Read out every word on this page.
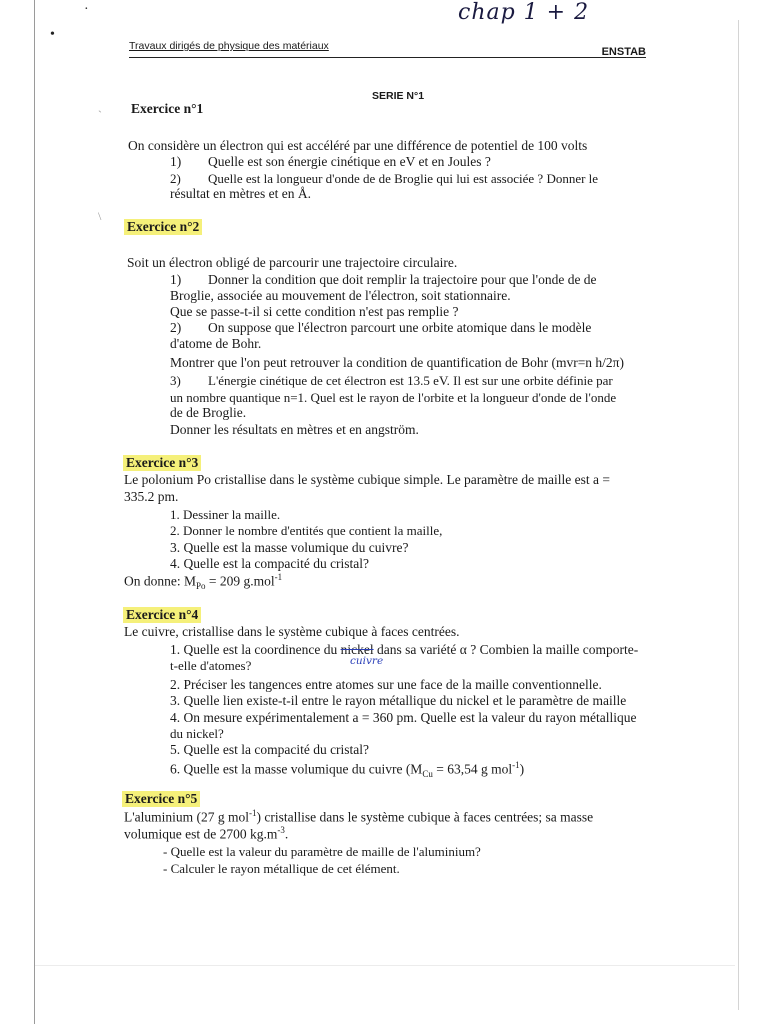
·
•
chap 1 + 2
Travaux dirigés de physique des matériaux	ENSTAB
SERIE N°1
Exercice n°1
ˋ
On considère un électron qui est accéléré par une différence de potentiel de 100 volts
1) Quelle est son énergie cinétique en eV et en Joules ?
2) Quelle est la longueur d'onde de de Broglie qui lui est associée ? Donner le
résultat en mètres et en Å.
\
Exercice n°2
Soit un électron obligé de parcourir une trajectoire circulaire.
1) Donner la condition que doit remplir la trajectoire pour que l'onde de de
Broglie, associée au mouvement de l'électron, soit stationnaire.
Que se passe-t-il si cette condition n'est pas remplie ?
2) On suppose que l'électron parcourt une orbite atomique dans le modèle
d'atome de Bohr.
Montrer que l'on peut retrouver la condition de quantification de Bohr (mvr=n h/2π)
3) L'énergie cinétique de cet électron est 13.5 eV. Il est sur une orbite définie par
un nombre quantique n=1. Quel est le rayon de l'orbite et la longueur d'onde de l'onde
de de Broglie.
Donner les résultats en mètres et en angström.
Exercice n°3
Le polonium Po cristallise dans le système cubique simple. Le paramètre de maille est a =
335.2 pm.
1. Dessiner la maille.
2. Donner le nombre d'entités que contient la maille,
3. Quelle est la masse volumique du cuivre?
4. Quelle est la compacité du cristal?
On donne: $M_{Po} = 209$ g.mol$^{-1}$
Exercice n°4
Le cuivre, cristallise dans le système cubique à faces centrées.
1. Quelle est la coordinence du nickel dans sa variété α ? Combien la maille comporte-
cuivre
t-elle d'atomes?
2. Préciser les tangences entre atomes sur une face de la maille conventionnelle.
3. Quelle lien existe-t-il entre le rayon métallique du nickel et le paramètre de maille
4. On mesure expérimentalement a = 360 pm. Quelle est la valeur du rayon métallique
du nickel?
5. Quelle est la compacité du cristal?
6. Quelle est la masse volumique du cuivre ($M_{Cu} = 63,54$ g mol$^{-1}$)
Exercice n°5
L'aluminium (27 g mol$^{-1}$) cristallise dans le système cubique à faces centrées; sa masse
volumique est de 2700 $kg.m^{-3}$.
- Quelle est la valeur du paramètre de maille de l'aluminium?
- Calculer le rayon métallique de cet élément.
